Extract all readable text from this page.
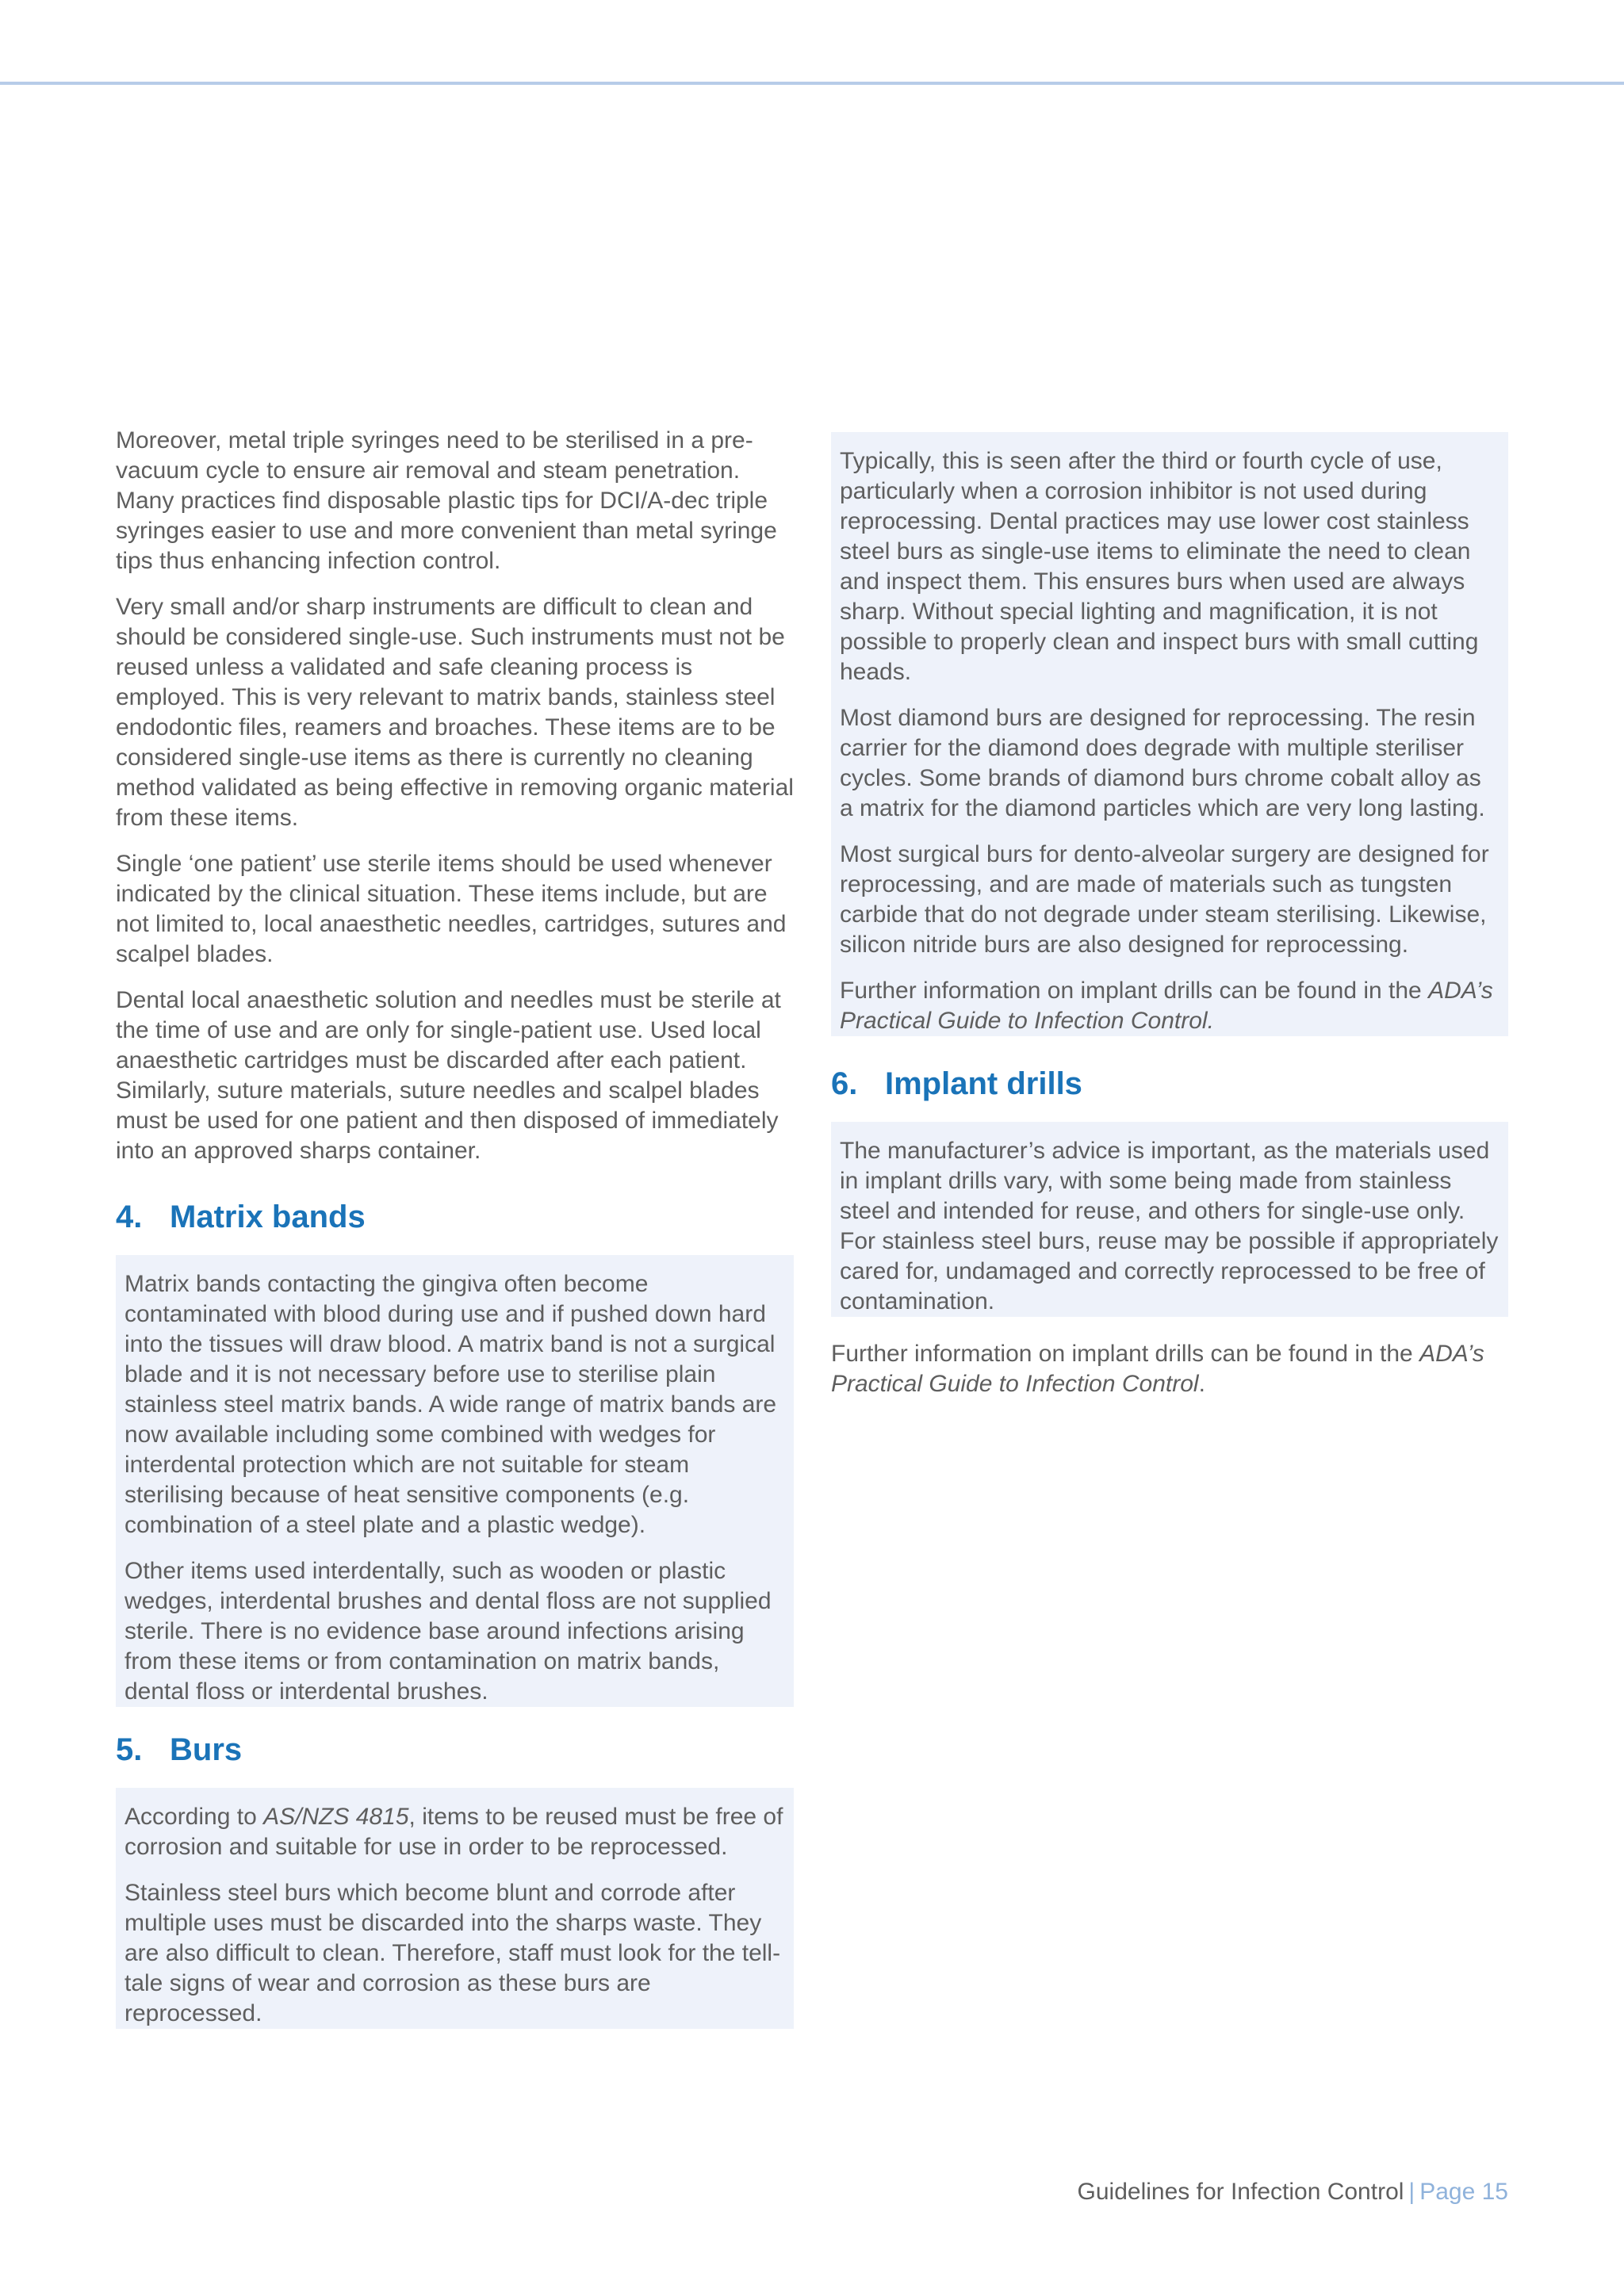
Moreover, metal triple syringes need to be sterilised in a pre-vacuum cycle to ensure air removal and steam penetration. Many practices find disposable plastic tips for DCI/A-dec triple syringes easier to use and more convenient than metal syringe tips thus enhancing infection control.

Very small and/or sharp instruments are difficult to clean and should be considered single-use. Such instruments must not be reused unless a validated and safe cleaning process is employed. This is very relevant to matrix bands, stainless steel endodontic files, reamers and broaches. These items are to be considered single-use items as there is currently no cleaning method validated as being effective in removing organic material from these items.

Single ‘one patient’ use sterile items should be used whenever indicated by the clinical situation. These items include, but are not limited to, local anaesthetic needles, cartridges, sutures and scalpel blades.

Dental local anaesthetic solution and needles must be sterile at the time of use and are only for single-patient use. Used local anaesthetic cartridges must be discarded after each patient. Similarly, suture materials, suture needles and scalpel blades must be used for one patient and then disposed of immediately into an approved sharps container.

4. Matrix bands

Matrix bands contacting the gingiva often become contaminated with blood during use and if pushed down hard into the tissues will draw blood. A matrix band is not a surgical blade and it is not necessary before use to sterilise plain stainless steel matrix bands. A wide range of matrix bands are now available including some combined with wedges for interdental protection which are not suitable for steam sterilising because of heat sensitive components (e.g. combination of a steel plate and a plastic wedge).

Other items used interdentally, such as wooden or plastic wedges, interdental brushes and dental floss are not supplied sterile. There is no evidence base around infections arising from these items or from contamination on matrix bands, dental floss or interdental brushes.

5. Burs

According to AS/NZS 4815, items to be reused must be free of corrosion and suitable for use in order to be reprocessed.

Stainless steel burs which become blunt and corrode after multiple uses must be discarded into the sharps waste. They are also difficult to clean. Therefore, staff must look for the tell-tale signs of wear and corrosion as these burs are reprocessed.

Typically, this is seen after the third or fourth cycle of use, particularly when a corrosion inhibitor is not used during reprocessing. Dental practices may use lower cost stainless steel burs as single-use items to eliminate the need to clean and inspect them. This ensures burs when used are always sharp. Without special lighting and magnification, it is not possible to properly clean and inspect burs with small cutting heads.

Most diamond burs are designed for reprocessing. The resin carrier for the diamond does degrade with multiple steriliser cycles. Some brands of diamond burs chrome cobalt alloy as a matrix for the diamond particles which are very long lasting.

Most surgical burs for dento-alveolar surgery are designed for reprocessing, and are made of materials such as tungsten carbide that do not degrade under steam sterilising. Likewise, silicon nitride burs are also designed for reprocessing.

Further information on implant drills can be found in the ADA’s Practical Guide to Infection Control.

6. Implant drills

The manufacturer’s advice is important, as the materials used in implant drills vary, with some being made from stainless steel and intended for reuse, and others for single-use only. For stainless steel burs, reuse may be possible if appropriately cared for, undamaged and correctly reprocessed to be free of contamination.

Further information on implant drills can be found in the ADA’s Practical Guide to Infection Control.

Guidelines for Infection Control | Page 15
